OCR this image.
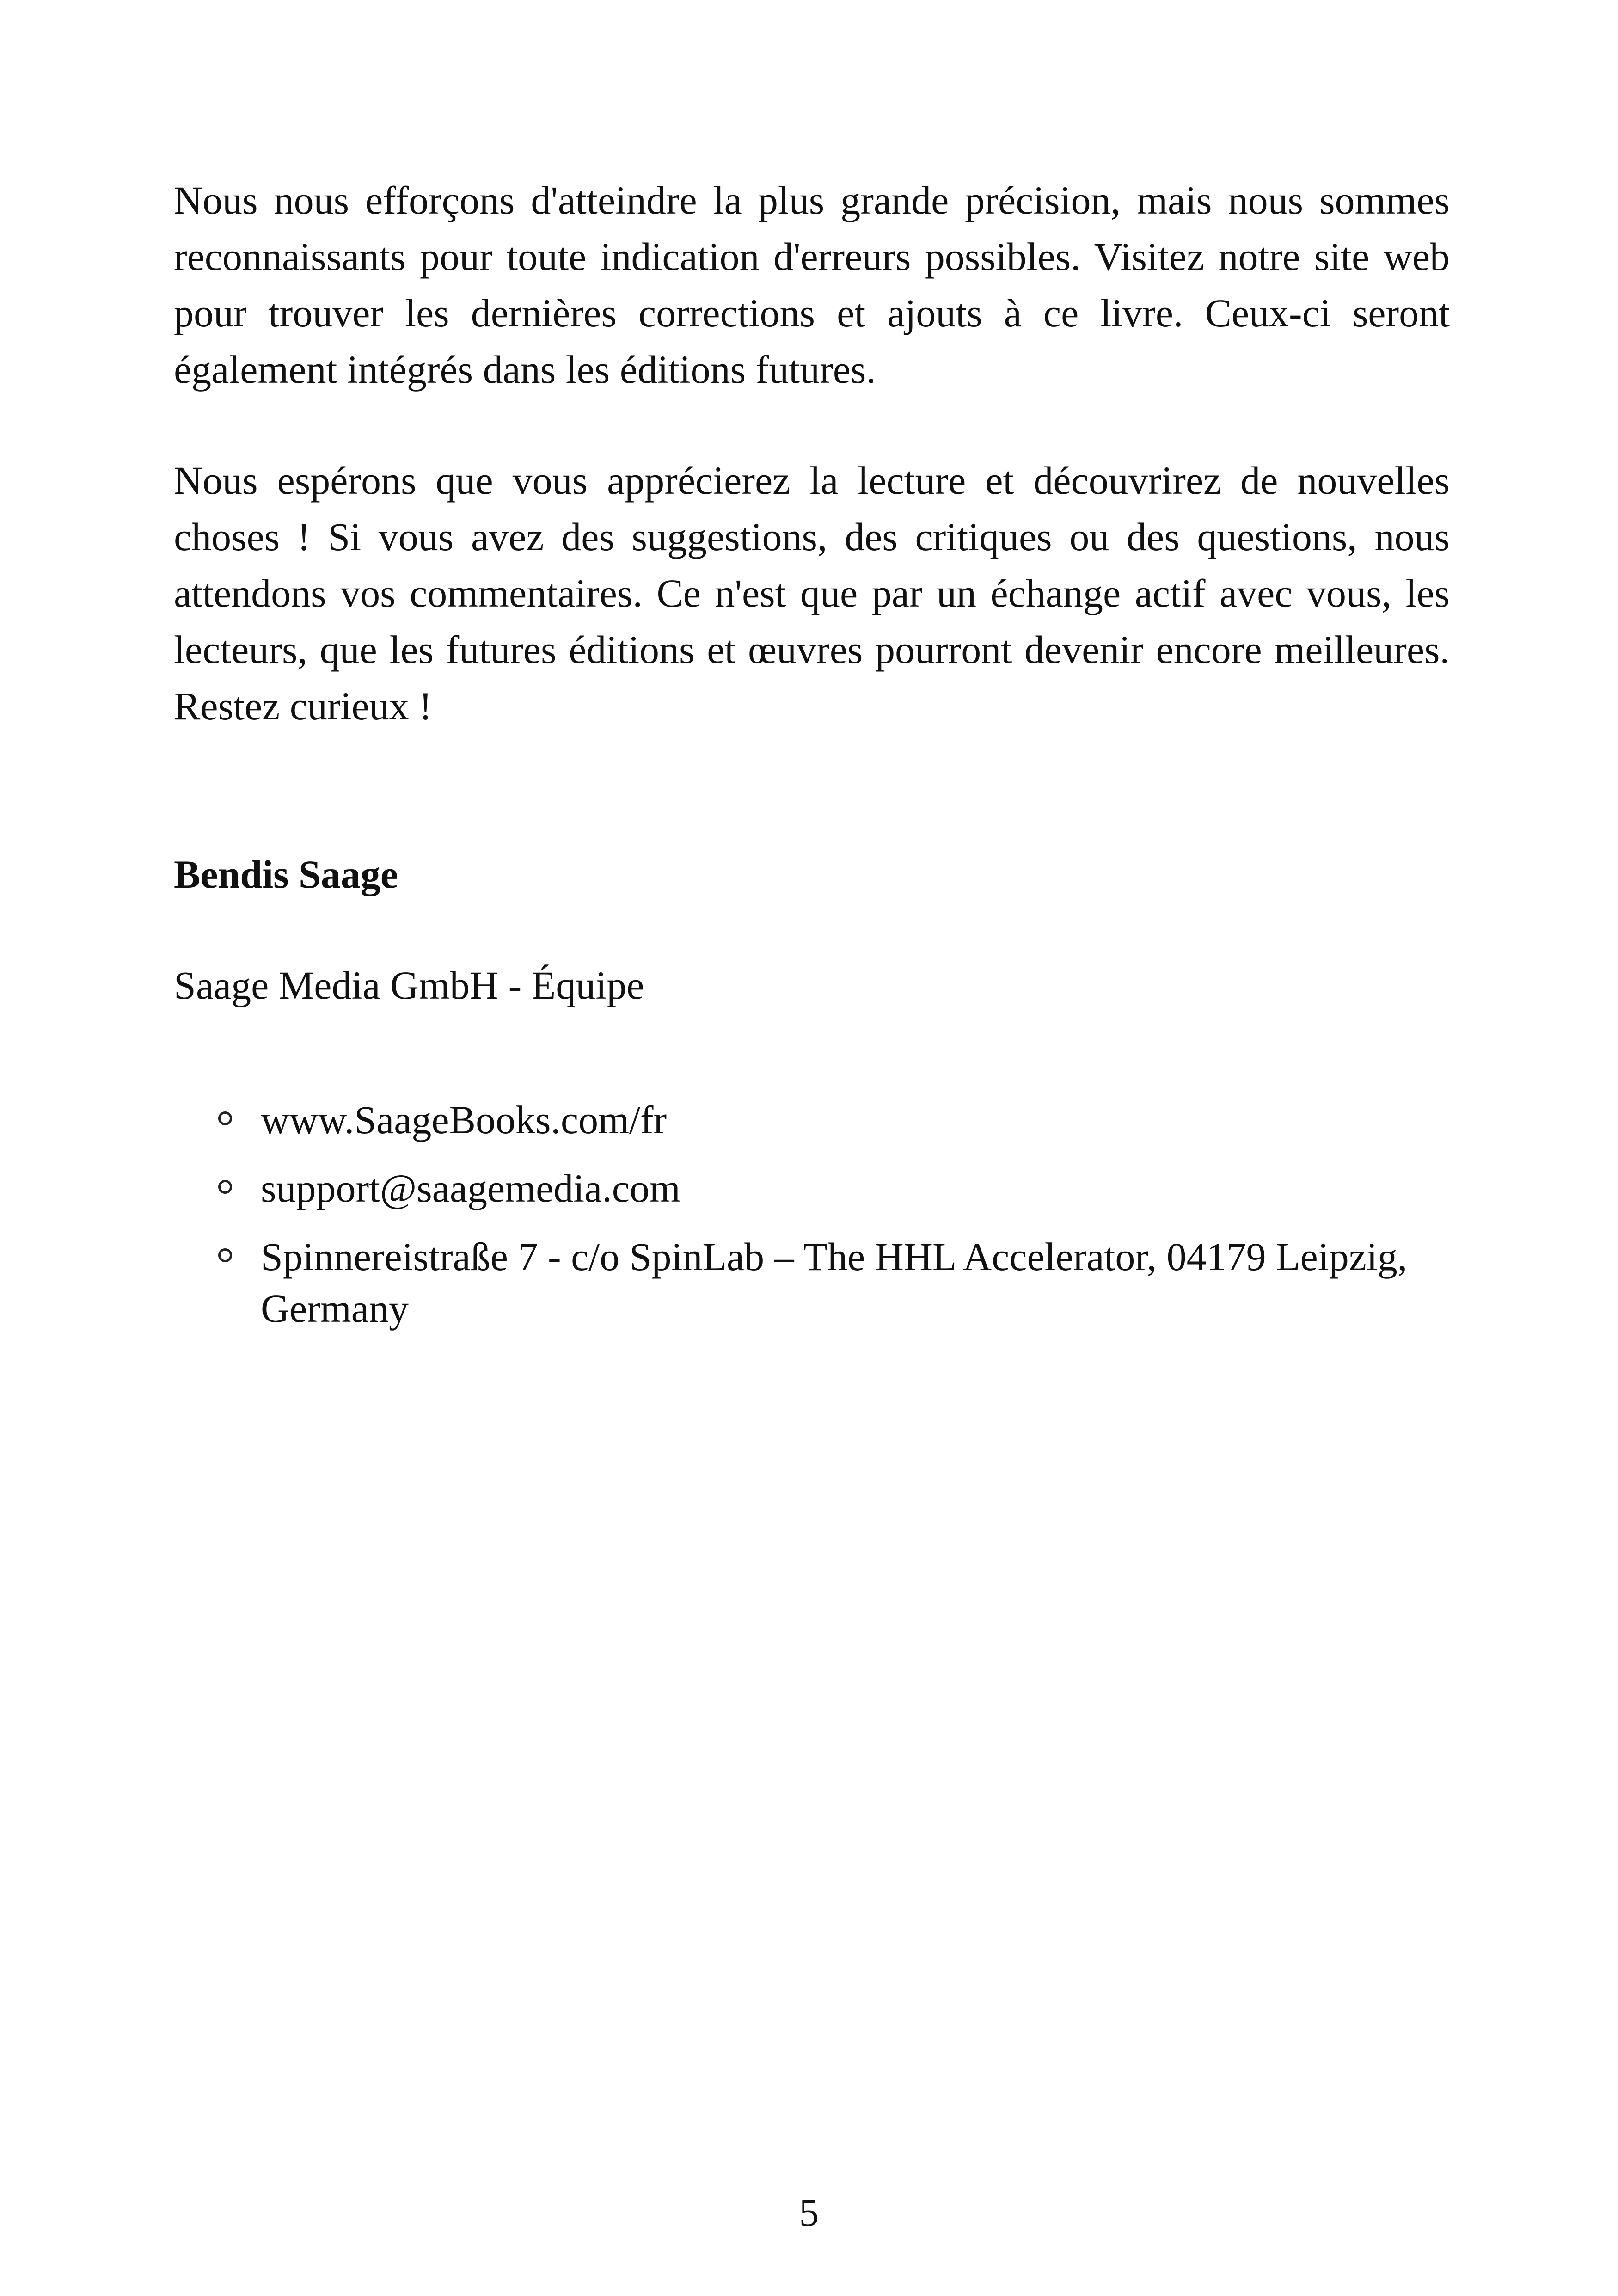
Nous nous efforçons d'atteindre la plus grande précision, mais nous sommes reconnaissants pour toute indication d'erreurs possibles. Visitez notre site web pour trouver les dernières corrections et ajouts à ce livre. Ceux-ci seront également intégrés dans les éditions futures.

Nous espérons que vous apprécierez la lecture et découvrirez de nouvelles choses ! Si vous avez des suggestions, des critiques ou des questions, nous attendons vos commentaires. Ce n'est que par un échange actif avec vous, les lecteurs, que les futures éditions et œuvres pourront devenir encore meilleures. Restez curieux !

Bendis Saage

Saage Media GmbH - Équipe

www.SaageBooks.com/fr
support@saagemedia.com
Spinnereistraße 7 - c/o SpinLab – The HHL Accelerator, 04179 Leipzig, Germany

5
